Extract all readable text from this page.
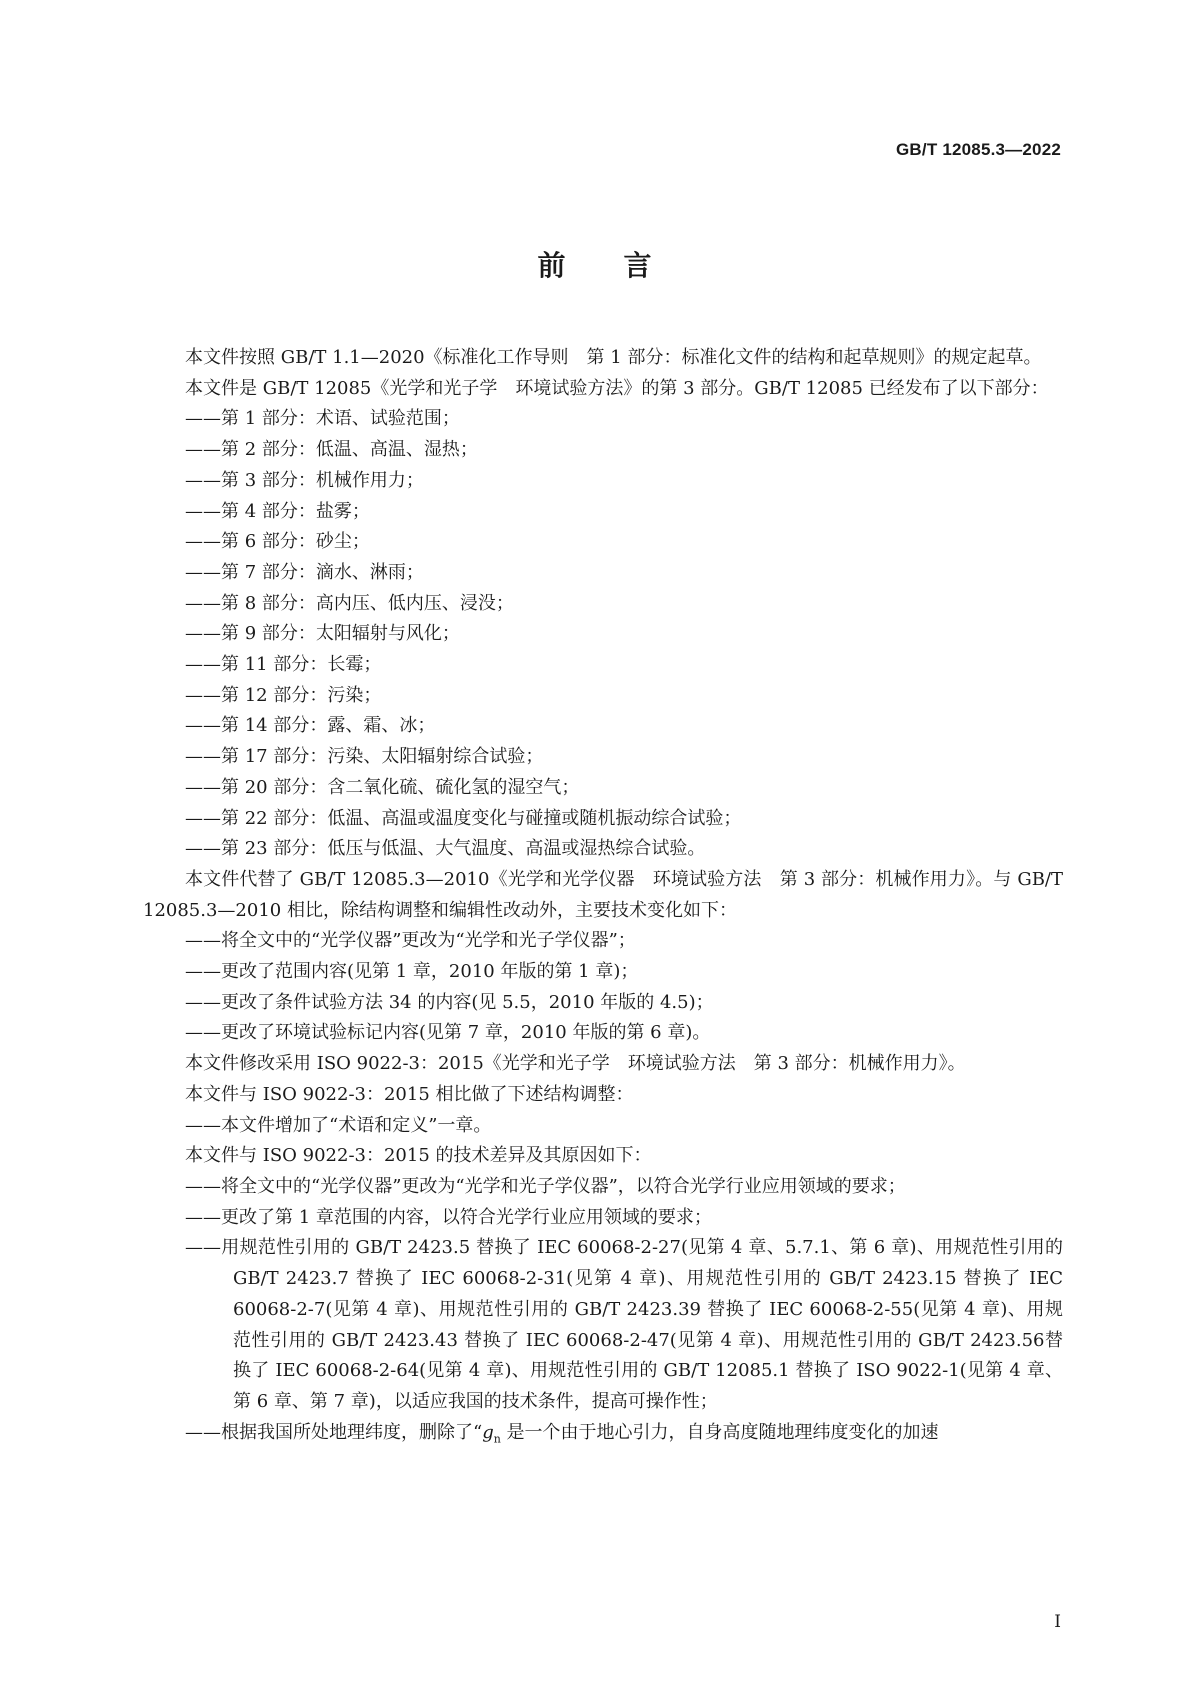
GB/T 12085.3—2022
前 言

本文件按照 GB/T 1.1—2020《标准化工作导则　第 1 部分：标准化文件的结构和起草规则》的规定起草。

本文件是 GB/T 12085《光学和光子学　环境试验方法》的第 3 部分。GB/T 12085 已经发布了以下部分：

——第 1 部分：术语、试验范围；

——第 2 部分：低温、高温、湿热；

——第 3 部分：机械作用力；

——第 4 部分：盐雾；

——第 6 部分：砂尘；

——第 7 部分：滴水、淋雨；

——第 8 部分：高内压、低内压、浸没；

——第 9 部分：太阳辐射与风化；

——第 11 部分：长霉；

——第 12 部分：污染；

——第 14 部分：露、霜、冰；

——第 17 部分：污染、太阳辐射综合试验；

——第 20 部分：含二氧化硫、硫化氢的湿空气；

——第 22 部分：低温、高温或温度变化与碰撞或随机振动综合试验；

——第 23 部分：低压与低温、大气温度、高温或湿热综合试验。

本文件代替了 GB/T 12085.3—2010《光学和光学仪器　环境试验方法　第 3 部分：机械作用力》。与 GB/T 12085.3—2010 相比，除结构调整和编辑性改动外，主要技术变化如下：

——将全文中的“光学仪器”更改为“光学和光子学仪器”；

——更改了范围内容(见第 1 章，2010 年版的第 1 章)；

——更改了条件试验方法 34 的内容(见 5.5，2010 年版的 4.5)；

——更改了环境试验标记内容(见第 7 章，2010 年版的第 6 章)。

本文件修改采用 ISO 9022-3：2015《光学和光子学　环境试验方法　第 3 部分：机械作用力》。

本文件与 ISO 9022-3：2015 相比做了下述结构调整：

——本文件增加了“术语和定义”一章。

本文件与 ISO 9022-3：2015 的技术差异及其原因如下：

——将全文中的“光学仪器”更改为“光学和光子学仪器”，以符合光学行业应用领域的要求；

——更改了第 1 章范围的内容，以符合光学行业应用领域的要求；

——用规范性引用的 GB/T 2423.5 替换了 IEC 60068-2-27(见第 4 章、5.7.1、第 6 章)、用规范性引用的 GB/T 2423.7 替换了 IEC 60068-2-31(见第 4 章)、用规范性引用的 GB/T 2423.15 替换了 IEC 60068-2-7(见第 4 章)、用规范性引用的 GB/T 2423.39 替换了 IEC 60068-2-55(见第 4 章)、用规范性引用的 GB/T 2423.43 替换了 IEC 60068-2-47(见第 4 章)、用规范性引用的 GB/T 2423.56替换了 IEC 60068-2-64(见第 4 章)、用规范性引用的 GB/T 12085.1 替换了 ISO 9022-1(见第 4 章、第 6 章、第 7 章)，以适应我国的技术条件，提高可操作性；

——根据我国所处地理纬度，删除了“$g_n$ 是一个由于地心引力，自身高度随地理纬度变化的加速

I
